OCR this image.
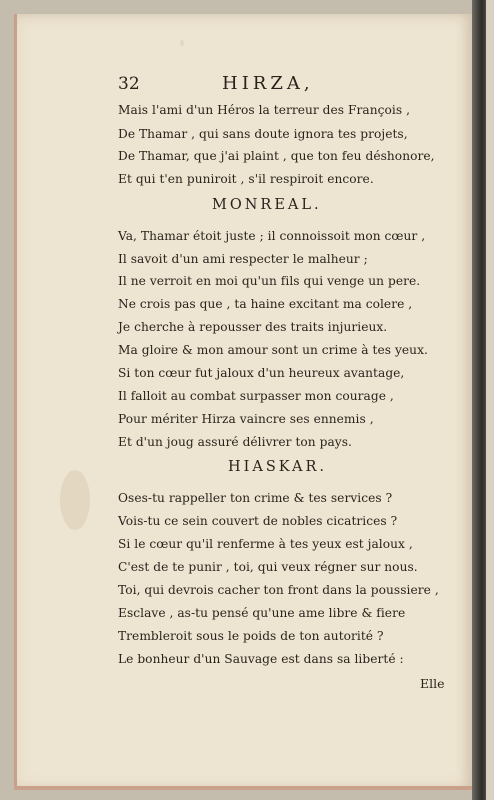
32	HIRZA,
Mais l'ami d'un Héros la terreur des François ,
De Thamar , qui sans doute ignora tes projets,
De Thamar, que j'ai plaint , que ton feu déshonore,
Et qui t'en puniroit , s'il respiroit encore.
MONREAL.
Va, Thamar étoit juste ; il connoissoit mon cœur ,
Il savoit d'un ami respecter le malheur ;
Il ne verroit en moi qu'un fils qui venge un pere.
Ne crois pas que , ta haine excitant ma colere ,
Je cherche à repousser des traits injurieux.
Ma gloire & mon amour sont un crime à tes yeux.
Si ton cœur fut jaloux d'un heureux avantage,
Il falloit au combat surpasser mon courage ,
Pour mériter Hirza vaincre ses ennemis ,
Et d'un joug assuré délivrer ton pays.
HIASKAR.
Oses-tu rappeller ton crime & tes services ?
Vois-tu ce sein couvert de nobles cicatrices ?
Si le cœur qu'il renferme à tes yeux est jaloux ,
C'est de te punir , toi, qui veux régner sur nous.
Toi, qui devrois cacher ton front dans la poussiere ,
Esclave , as-tu pensé qu'une ame libre & fiere
Trembleroit sous le poids de ton autorité ?
Le bonheur d'un Sauvage est dans sa liberté :
Elle
